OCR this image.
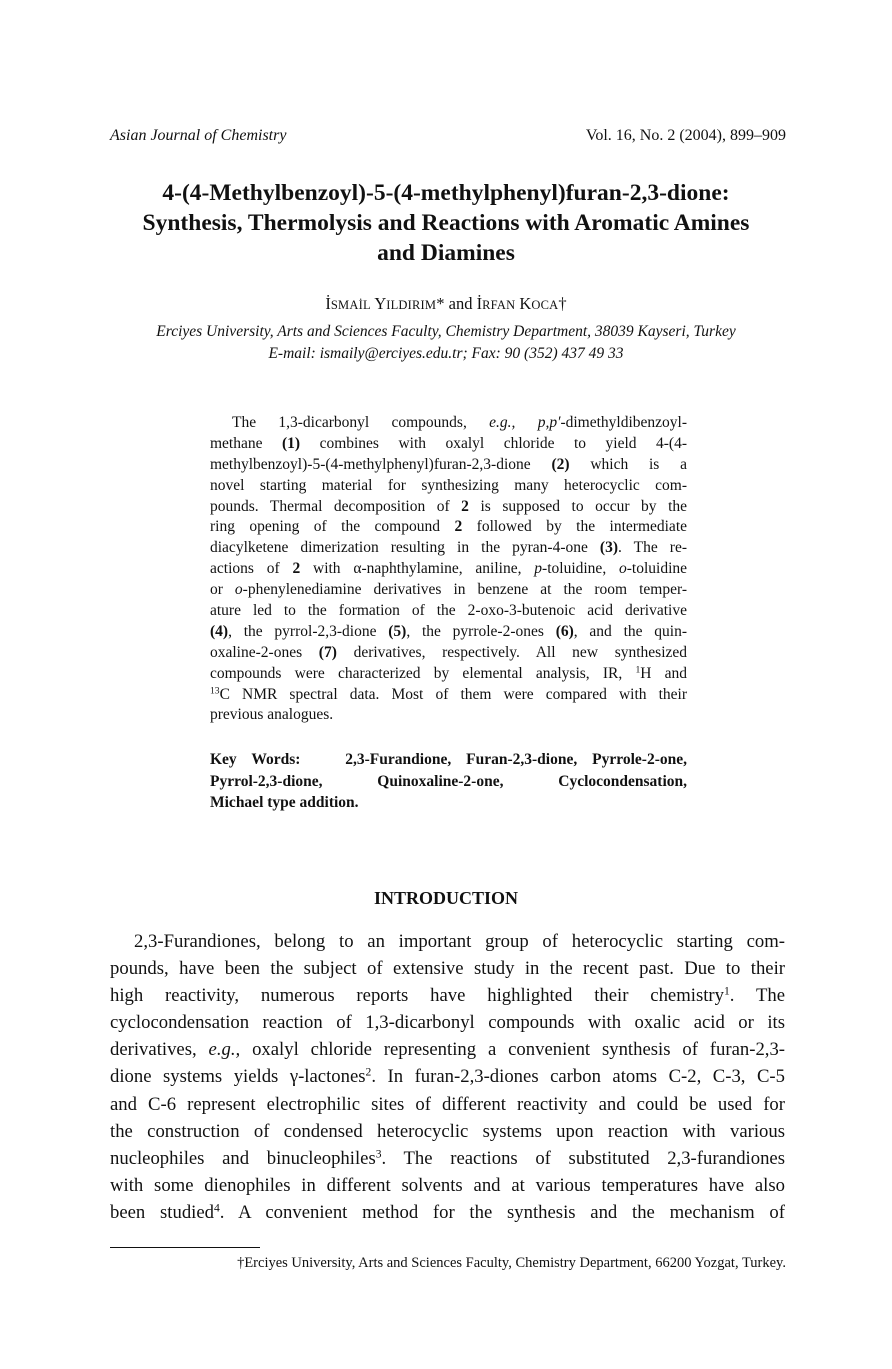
Asian Journal of Chemistry	Vol. 16, No. 2 (2004), 899–909
4-(4-Methylbenzoyl)-5-(4-methylphenyl)furan-2,3-dione:
Synthesis, Thermolysis and Reactions with Aromatic Amines
and Diamines
İSMAİL YILDIRIM* and İRFAN KOCA†
Erciyes University, Arts and Sciences Faculty, Chemistry Department, 38039 Kayseri, Turkey
E-mail: ismaily@erciyes.edu.tr; Fax: 90 (352) 437 49 33
The 1,3-dicarbonyl compounds, e.g., p,p′-dimethyldibenzoyl-
methane (1) combines with oxalyl chloride to yield 4-(4-
methylbenzoyl)-5-(4-methylphenyl)furan-2,3-dione (2) which is a
novel starting material for synthesizing many heterocyclic com-
pounds. Thermal decomposition of 2 is supposed to occur by the
ring opening of the compound 2 followed by the intermediate
diacylketene dimerization resulting in the pyran-4-one (3). The re-
actions of 2 with α-naphthylamine, aniline, p-toluidine, o-toluidine
or o-phenylenediamine derivatives in benzene at the room temper-
ature led to the formation of the 2-oxo-3-butenoic acid derivative
(4), the pyrrol-2,3-dione (5), the pyrrole-2-ones (6), and the quin-
oxaline-2-ones (7) derivatives, respectively. All new synthesized
compounds were characterized by elemental analysis, IR, $^1$H and
$^{13}$C NMR spectral data. Most of them were compared with their
previous analogues.
Key Words:	2,3-Furandione, Furan-2,3-dione, Pyrrole-2-one,
Pyrrol-2,3-dione, Quinoxaline-2-one, Cyclocondensation,
Michael type addition.
INTRODUCTION
2,3-Furandiones, belong to an important group of heterocyclic starting com-
pounds, have been the subject of extensive study in the recent past. Due to their
high reactivity, numerous reports have highlighted their chemistry$^1$. The
cyclocondensation reaction of 1,3-dicarbonyl compounds with oxalic acid or its
derivatives, e.g., oxalyl chloride representing a convenient synthesis of furan-2,3-
dione systems yields γ-lactones$^2$. In furan-2,3-diones carbon atoms C-2, C-3, C-5
and C-6 represent electrophilic sites of different reactivity and could be used for
the construction of condensed heterocyclic systems upon reaction with various
nucleophiles and binucleophiles$^3$. The reactions of substituted 2,3-furandiones
with some dienophiles in different solvents and at various temperatures have also
been studied$^4$. A convenient method for the synthesis and the mechanism of
†Erciyes University, Arts and Sciences Faculty, Chemistry Department, 66200 Yozgat, Turkey.
